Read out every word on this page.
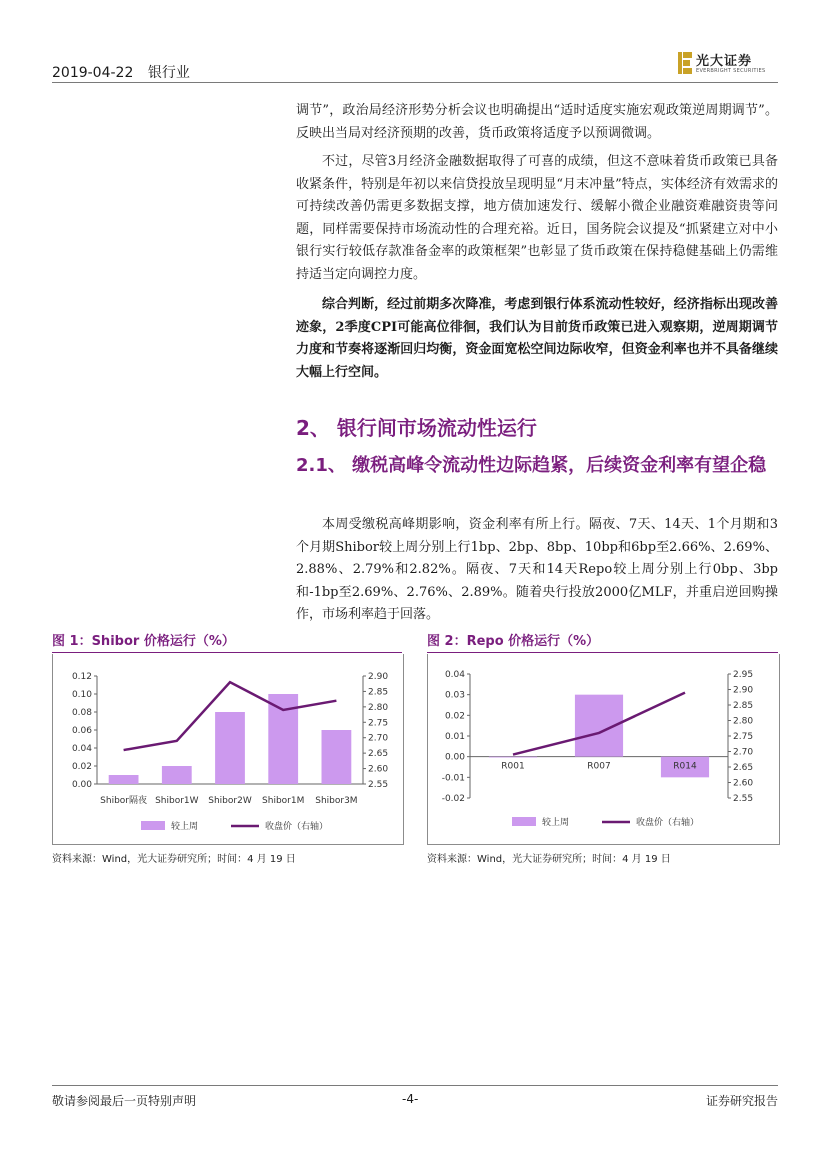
2019-04-22 银行业
光大证券
EVERBRIGHT SECURITIES

调节”，政治局经济形势分析会议也明确提出“适时适度实施宏观政策逆周期调节”。反映出当局对经济预期的改善，货币政策将适度予以预调微调。

不过，尽管3月经济金融数据取得了可喜的成绩，但这不意味着货币政策已具备收紧条件，特别是年初以来信贷投放呈现明显“月末冲量”特点，实体经济有效需求的可持续改善仍需更多数据支撑，地方债加速发行、缓解小微企业融资难融资贵等问题，同样需要保持市场流动性的合理充裕。近日，国务院会议提及“抓紧建立对中小银行实行较低存款准备金率的政策框架”也彰显了货币政策在保持稳健基础上仍需维持适当定向调控力度。

综合判断，经过前期多次降准，考虑到银行体系流动性较好，经济指标出现改善迹象，2季度CPI可能高位徘徊，我们认为目前货币政策已进入观察期，逆周期调节力度和节奏将逐渐回归均衡，资金面宽松空间边际收窄，但资金利率也并不具备继续大幅上行空间。

2、 银行间市场流动性运行
2.1、 缴税高峰令流动性边际趋紧，后续资金利率有望企稳

本周受缴税高峰期影响，资金利率有所上行。隔夜、7天、14天、1个月期和3个月期Shibor较上周分别上行1bp、2bp、8bp、10bp和6bp至2.66%、2.69%、2.88%、2.79%和2.82%。隔夜、7天和14天Repo较上周分别上行0bp、3bp和-1bp至2.69%、2.76%、2.89%。随着央行投放2000亿MLF，并重启逆回购操作，市场利率趋于回落。

图 1：Shibor 价格运行（%）
0.00
0.02
0.04
0.06
0.08
0.10
0.12
2.55
2.60
2.65
2.70
2.75
2.80
2.85
2.90
Shibor隔夜 Shibor1W Shibor2W Shibor1M Shibor3M
较上周	收盘价（右轴）
资料来源：Wind，光大证券研究所；时间：4 月 19 日
图 2：Repo 价格运行（%）
-0.02
-0.01
0.00
0.01
0.02
0.03
0.04
2.55
2.60
2.65
2.70
2.75
2.80
2.85
2.90
2.95
R001	R007	R014
较上周	收盘价（右轴）
资料来源：Wind，光大证券研究所；时间：4 月 19 日
敬请参阅最后一页特别声明	-4-	证券研究报告
